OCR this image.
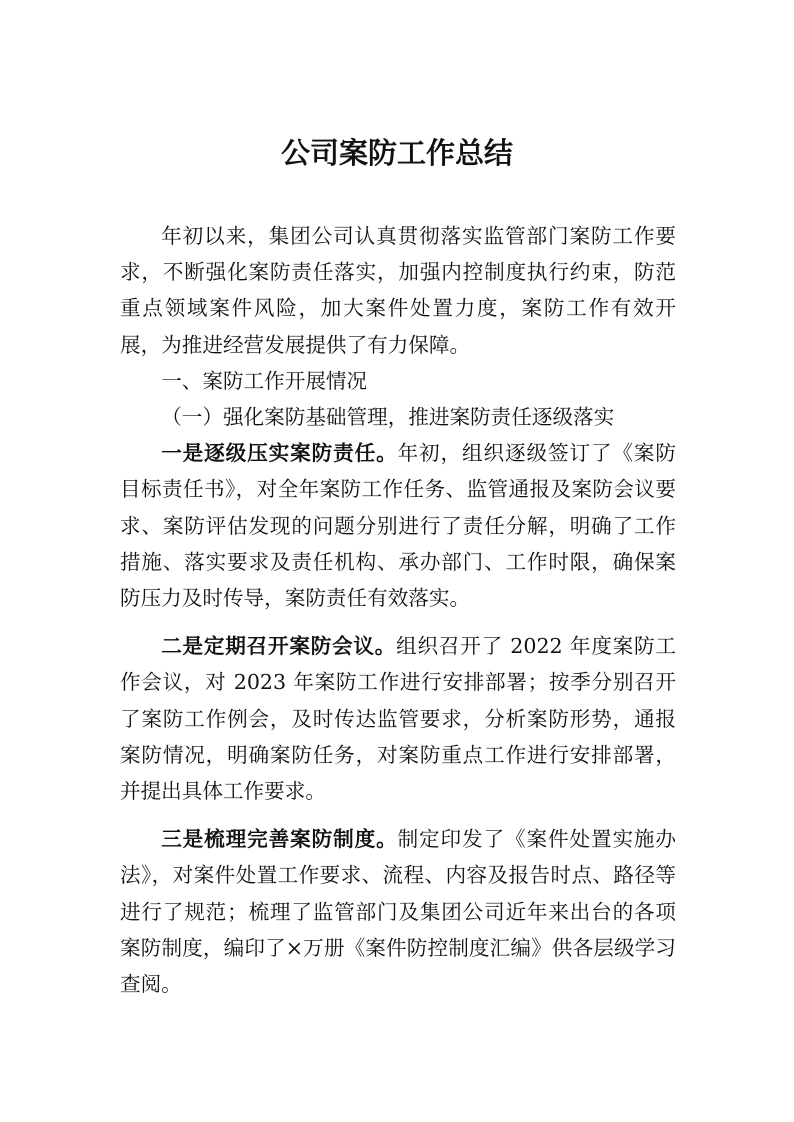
公司案防工作总结

年初以来，集团公司认真贯彻落实监管部门案防工作要求，不断强化案防责任落实，加强内控制度执行约束，防范重点领域案件风险，加大案件处置力度，案防工作有效开展，为推进经营发展提供了有力保障。

一、案防工作开展情况

（一）强化案防基础管理，推进案防责任逐级落实

一是逐级压实案防责任。年初，组织逐级签订了《案防目标责任书》，对全年案防工作任务、监管通报及案防会议要求、案防评估发现的问题分别进行了责任分解，明确了工作措施、落实要求及责任机构、承办部门、工作时限，确保案防压力及时传导，案防责任有效落实。

二是定期召开案防会议。组织召开了 2022 年度案防工作会议，对 2023 年案防工作进行安排部署；按季分别召开了案防工作例会，及时传达监管要求，分析案防形势，通报案防情况，明确案防任务，对案防重点工作进行安排部署，并提出具体工作要求。

三是梳理完善案防制度。制定印发了《案件处置实施办法》，对案件处置工作要求、流程、内容及报告时点、路径等进行了规范；梳理了监管部门及集团公司近年来出台的各项案防制度，编印了×万册《案件防控制度汇编》供各层级学习查阅。
